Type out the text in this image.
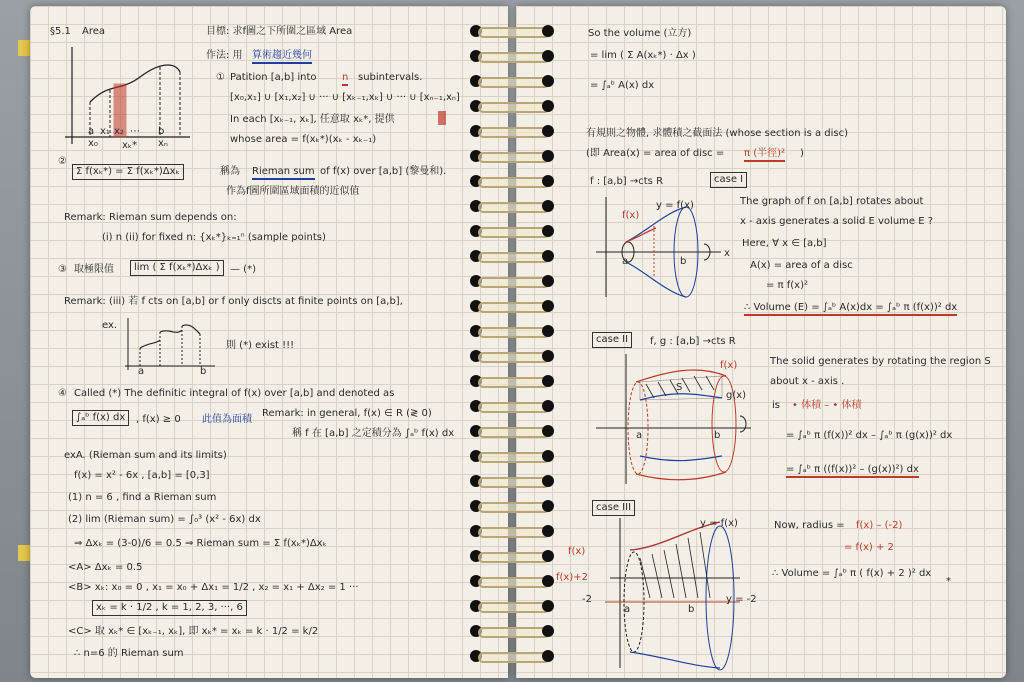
§5.1 Area
a x₁ x₂ ⋯ b
x₀ xₖ* xₙ
目標: 求f圖之下所圍之區域 Area
作法: 用 算術趨近幾何
① Patition [a,b] into	n subintervals.
[x₀,x₁] ∪ [x₁,x₂] ∪ ··· ∪ [xₖ₋₁,xₖ] ∪ ··· ∪ [xₙ₋₁,xₙ]
In each [xₖ₋₁, xₖ], 任意取 xₖ*, 提供
whose area = f(xₖ*)(xₖ - xₖ₋₁)
②
Σ f(xₖ*) = Σ f(xₖ*)Δxₖ	稱為 Rieman sum of f(x) over [a,b] (黎曼和).
作為f圖所圍區域面積的近似值
Remark: Rieman sum depends on:
(i) n (ii) for fixed n: {xₖ*}ₖ₌₁ⁿ (sample points)
③ 取極限值	lim ( Σ f(xₖ*)Δxₖ )	— (*)
Remark: (iii) 若 f cts on [a,b] or f only discts at finite points on [a,b],
ex.
a	b
則 (*) exist !!!
④ Called (*) The definitic integral of f(x) over [a,b] and denoted as
∫ₐᵇ f(x) dx	, f(x) ≥ 0 此值為面積
Remark: in general, f(x) ∈ R (≷ 0)
稱 f 在 [a,b] 之定積分為 ∫ₐᵇ f(x) dx
exA. (Rieman sum and its limits)
f(x) = x² - 6x , [a,b] = [0,3]
(1) n = 6 , find a Rieman sum
(2) lim (Rieman sum) = ∫₀³ (x² - 6x) dx
⇒ Δxₖ = (3-0)/6 = 0.5 ⇒ Rieman sum = Σ f(xₖ*)Δxₖ
<A> Δxₖ = 0.5
<B> xₖ: x₀ = 0 , x₁ = x₀ + Δx₁ = 1/2 , x₂ = x₁ + Δx₂ = 1 ···
xₖ = k · 1/2 , k = 1, 2, 3, ···, 6
<C> 取 xₖ* ∈ [xₖ₋₁, xₖ], 即 xₖ* = xₖ = k · 1/2 = k/2
∴ n=6 的 Rieman sum
So the volume (立方)
= lim ( Σ A(xₖ*) · Δx )
= ∫ₐᵇ A(x) dx
有規則之物體, 求體積之截面法 (whose section is a disc)
(即 Area(x) = area of disc = π (半徑)² )
f : [a,b] →cts R	case I
f(x)
y = f(x)
a	b
x
The graph of f on [a,b] rotates about
x - axis generates a solid E volume E ?
Here, ∀ x ∈ [a,b]
A(x) = area of a disc
= π f(x)²
∴ Volume (E) = ∫ₐᵇ A(x)dx = ∫ₐᵇ π (f(x))² dx
case II	f, g : [a,b] →cts R
f(x)
g(x)
S
a	b
The solid generates by rotating the region S
about x - axis .
is • 体積 – • 体積
= ∫ₐᵇ π (f(x))² dx – ∫ₐᵇ π (g(x))² dx
= ∫ₐᵇ π ((f(x))² – (g(x))²) dx
case III
f(x)
f(x)+2
-2	y = -2
y = f(x)
a	b
Now, radius = f(x) – (-2)
= f(x) + 2
∴ Volume = ∫ₐᵇ π ( f(x) + 2 )² dx
*
